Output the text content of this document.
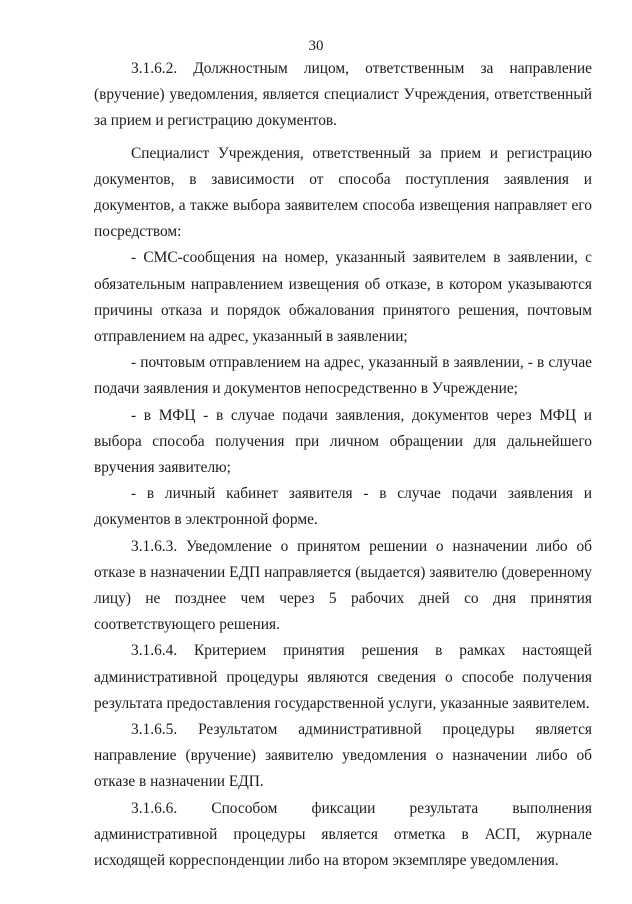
30

3.1.6.2. Должностным лицом, ответственным за направление (вручение) уведомления, является специалист Учреждения, ответственный за прием и регистрацию документов.

Специалист Учреждения, ответственный за прием и регистрацию документов, в зависимости от способа поступления заявления и документов, а также выбора заявителем способа извещения направляет его посредством:

- СМС-сообщения на номер, указанный заявителем в заявлении, с обязательным направлением извещения об отказе, в котором указываются причины отказа и порядок обжалования принятого решения, почтовым отправлением на адрес, указанный в заявлении;

- почтовым отправлением на адрес, указанный в заявлении, - в случае подачи заявления и документов непосредственно в Учреждение;

- в МФЦ - в случае подачи заявления, документов через МФЦ и выбора способа получения при личном обращении для дальнейшего вручения заявителю;

- в личный кабинет заявителя - в случае подачи заявления и документов в электронной форме.

3.1.6.3. Уведомление о принятом решении о назначении либо об отказе в назначении ЕДП направляется (выдается) заявителю (доверенному лицу) не позднее чем через 5 рабочих дней со дня принятия соответствующего решения.

3.1.6.4. Критерием принятия решения в рамках настоящей административной процедуры являются сведения о способе получения результата предоставления государственной услуги, указанные заявителем.

3.1.6.5. Результатом административной процедуры является направление (вручение) заявителю уведомления о назначении либо об отказе в назначении ЕДП.

3.1.6.6. Способом фиксации результата выполнения административной процедуры является отметка в АСП, журнале исходящей корреспонденции либо на втором экземпляре уведомления.
